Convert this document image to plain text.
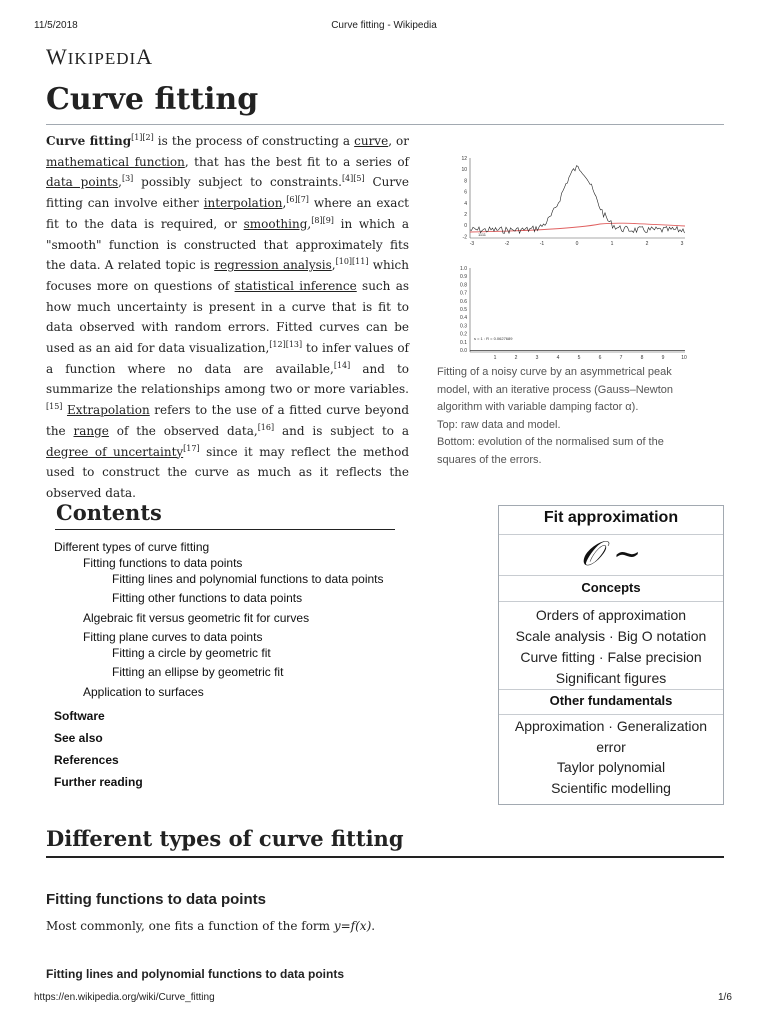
11/5/2018	Curve fitting - Wikipedia
WIKIPEDIA
Curve fitting
Curve fitting[1][2] is the process of constructing a curve, or mathematical function, that has the best fit to a series of data points,[3] possibly subject to constraints.[4][5] Curve fitting can involve either interpolation,[6][7] where an exact fit to the data is required, or smoothing,[8][9] in which a "smooth" function is constructed that approximately fits the data. A related topic is regression analysis,[10][11] which focuses more on questions of statistical inference such as how much uncertainty is present in a curve that is fit to data observed with random errors. Fitted curves can be used as an aid for data visualization,[12][13] to infer values of a function where no data are available,[14] and to summarize the relationships among two or more variables.[15] Extrapolation refers to the use of a fitted curve beyond the range of the observed data,[16] and is subject to a degree of uncertainty[17] since it may reflect the method used to construct the curve as much as it reflects the observed data.
12
10
8
6
4
2
0
-2
-3	-2	-1	0	1	2	3
1111
1.0
0.9
0.8
0.7
0.6
0.5
0.4
0.3
0.2
0.1
0.0
1	2	3	4	5	6	7	8	9	10
s = 1 : R = 0.0627689
Fitting of a noisy curve by an asymmetrical peak model, with an iterative process (Gauss–Newton algorithm with variable damping factor α).
Top: raw data and model.
Bottom: evolution of the normalised sum of the squares of the errors.
Contents
Different types of curve fitting
Fitting functions to data points
Fitting lines and polynomial functions to data points
Fitting other functions to data points
Algebraic fit versus geometric fit for curves
Fitting plane curves to data points
Fitting a circle by geometric fit
Fitting an ellipse by geometric fit
Application to surfaces
Software
See also
References
Further reading
Fit approximation
𝒪 ~
Concepts
Orders of approximation
Scale analysis · Big O notation
Curve fitting · False precision
Significant figures
Other fundamentals
Approximation · Generalization
error
Taylor polynomial
Scientific modelling
Different types of curve fitting
Fitting functions to data points
Most commonly, one fits a function of the form y=f(x).
Fitting lines and polynomial functions to data points
https://en.wikipedia.org/wiki/Curve_fitting	1/6
